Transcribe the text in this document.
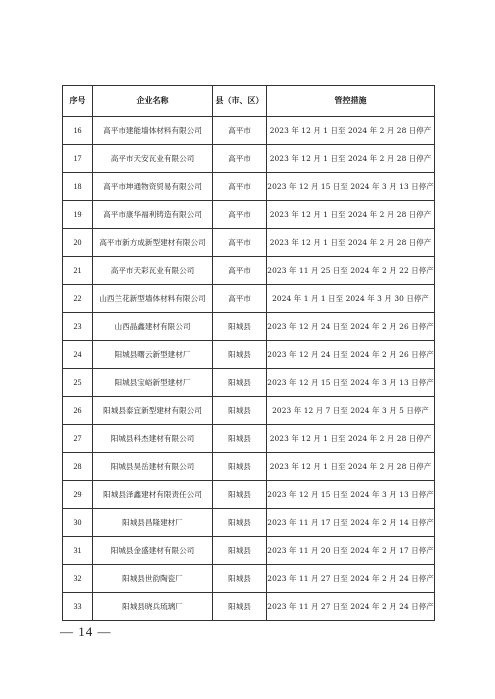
序号	企业名称	县（市、区）	管控措施
16	高平市建能墙体材料有限公司	高平市	2023 年 12 月 1 日至 2024 年 2 月 28 日停产
17	高平市天安瓦业有限公司	高平市	2023 年 12 月 1 日至 2024 年 2 月 28 日停产
18	高平市坤通物资贸易有限公司	高平市	2023 年 12 月 15 日至 2024 年 3 月 13 日停产
19	高平市康华福利铸造有限公司	高平市	2023 年 12 月 1 日至 2024 年 2 月 28 日停产
20	高平市新方成新型建材有限公司	高平市	2023 年 12 月 1 日至 2024 年 2 月 28 日停产
21	高平市天彩瓦业有限公司	高平市	2023 年 11 月 25 日至 2024 年 2 月 22 日停产
22	山西兰花新型墙体材料有限公司	高平市	2024 年 1 月 1 日至 2024 年 3 月 30 日停产
23	山西晶鑫建材有限公司	阳城县	2023 年 12 月 24 日至 2024 年 2 月 26 日停产
24	阳城县曙云新型建材厂	阳城县	2023 年 12 月 24 日至 2024 年 2 月 26 日停产
25	阳城县宝峪新型建材厂	阳城县	2023 年 12 月 15 日至 2024 年 3 月 13 日停产
26	阳城县泰宜新型建材有限公司	阳城县	2023 年 12 月 7 日至 2024 年 3 月 5 日停产
27	阳城县科杰建材有限公司	阳城县	2023 年 12 月 1 日至 2024 年 2 月 28 日停产
28	阳城县昊岳建材有限公司	阳城县	2023 年 12 月 1 日至 2024 年 2 月 28 日停产
29	阳城县泽鑫建材有限责任公司	阳城县	2023 年 12 月 15 日至 2024 年 3 月 13 日停产
30	阳城县昌隆建材厂	阳城县	2023 年 11 月 17 日至 2024 年 2 月 14 日停产
31	阳城县金盛建材有限公司	阳城县	2023 年 11 月 20 日至 2024 年 2 月 17 日停产
32	阳城县世韵陶瓷厂	阳城县	2023 年 11 月 27 日至 2024 年 2 月 24 日停产
33	阳城县晓兵琉璃厂	阳城县	2023 年 11 月 27 日至 2024 年 2 月 24 日停产
— 14 —
